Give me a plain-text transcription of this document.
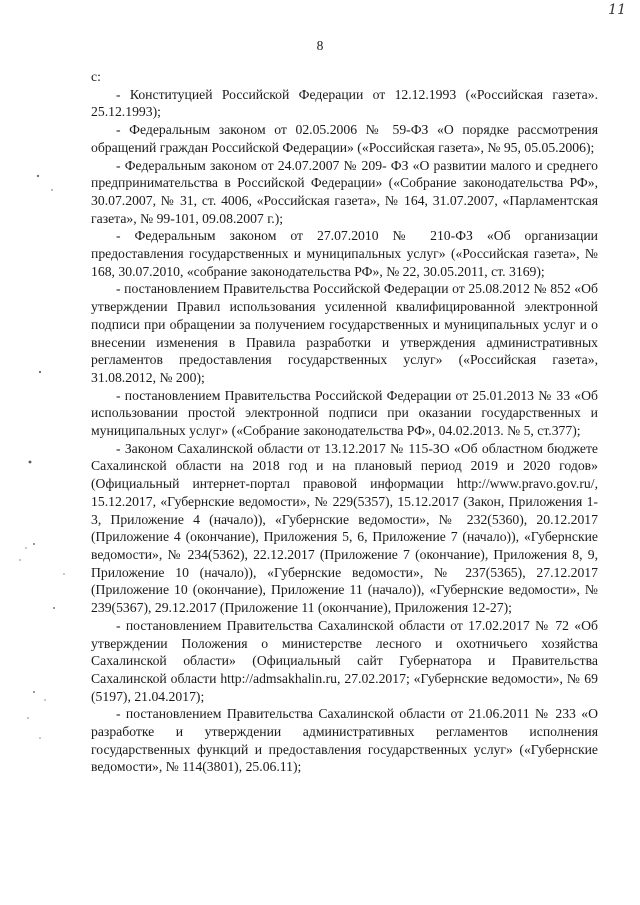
11
8

с:

- Конституцией Российской Федерации от 12.12.1993 («Российская газета». 25.12.1993);

- Федеральным законом от 02.05.2006 № 59-ФЗ «О порядке рассмотрения обращений граждан Российской Федерации» («Российская газета», № 95, 05.05.2006);

- Федеральным законом от 24.07.2007 № 209- ФЗ «О развитии малого и среднего предпринимательства в Российской Федерации» («Собрание законодательства РФ», 30.07.2007, № 31, ст. 4006, «Российская газета», № 164, 31.07.2007, «Парламентская газета», № 99-101, 09.08.2007 г.);

- Федеральным законом от 27.07.2010 № 210-ФЗ «Об организации предоставления государственных и муниципальных услуг» («Российская газета», № 168, 30.07.2010, «собрание законодательства РФ», № 22, 30.05.2011, ст. 3169);

- постановлением Правительства Российской Федерации от 25.08.2012 № 852 «Об утверждении Правил использования усиленной квалифицированной электронной подписи при обращении за получением государственных и муниципальных услуг и о внесении изменения в Правила разработки и утверждения административных регламентов предоставления государственных услуг» («Российская газета», 31.08.2012, № 200);

- постановлением Правительства Российской Федерации от 25.01.2013 № 33 «Об использовании простой электронной подписи при оказании государственных и муниципальных услуг» («Собрание законодательства РФ», 04.02.2013. № 5, ст.377);

- Законом Сахалинской области от 13.12.2017 № 115-ЗО «Об областном бюджете Сахалинской области на 2018 год и на плановый период 2019 и 2020 годов» (Официальный интернет-портал правовой информации http://www.pravo.gov.ru/, 15.12.2017, «Губернские ведомости», № 229(5357), 15.12.2017 (Закон, Приложения 1-3, Приложение 4 (начало)), «Губернские ведомости», № 232(5360), 20.12.2017 (Приложение 4 (окончание), Приложения 5, 6, Приложение 7 (начало)), «Губернские ведомости», № 234(5362), 22.12.2017 (Приложение 7 (окончание), Приложения 8, 9, Приложение 10 (начало)), «Губернские ведомости», № 237(5365), 27.12.2017 (Приложение 10 (окончание), Приложение 11 (начало)), «Губернские ведомости», № 239(5367), 29.12.2017 (Приложение 11 (окончание), Приложения 12-27);

- постановлением Правительства Сахалинской области от 17.02.2017 № 72 «Об утверждении Положения о министерстве лесного и охотничьего хозяйства Сахалинской области» (Официальный сайт Губернатора и Правительства Сахалинской области http://admsakhalin.ru, 27.02.2017; «Губернские ведомости», № 69 (5197), 21.04.2017);

- постановлением Правительства Сахалинской области от 21.06.2011 № 233 «О разработке и утверждении административных регламентов исполнения государственных функций и предоставления государственных услуг» («Губернские ведомости», № 114(3801), 25.06.11);
